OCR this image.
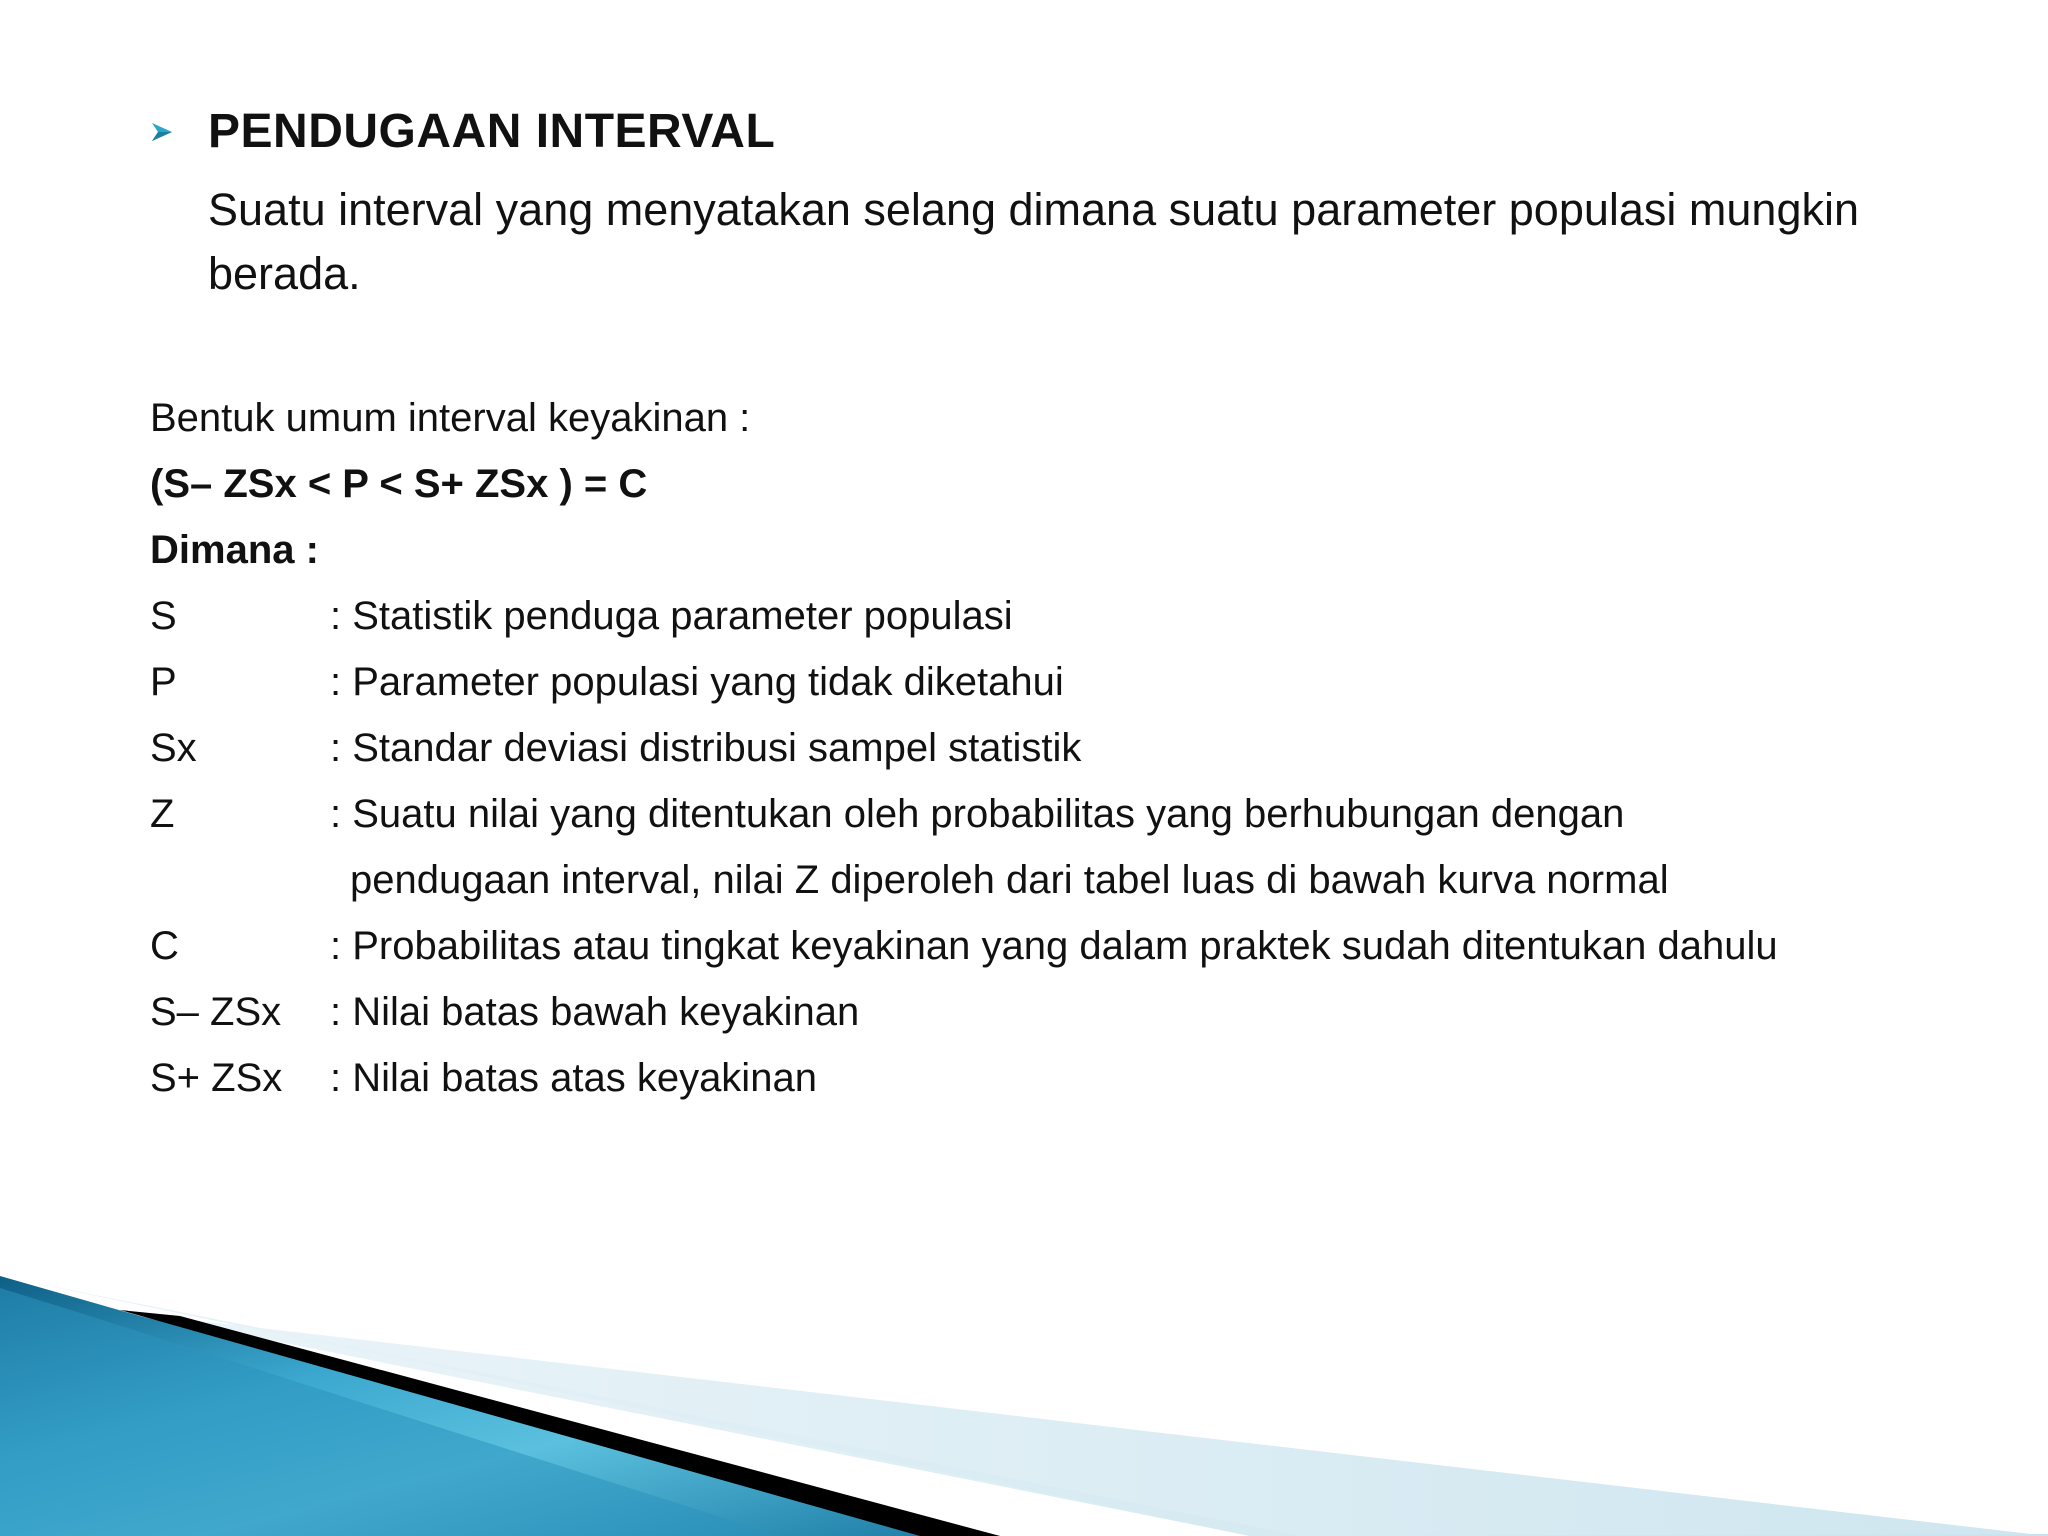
PENDUGAAN INTERVAL
Suatu interval yang menyatakan selang dimana suatu parameter populasi mungkin berada.
Bentuk umum interval keyakinan :
(S– ZSx < P < S+ ZSx ) = C
Dimana :
S	: Statistik penduga parameter populasi
P	: Parameter populasi yang tidak diketahui
Sx	: Standar deviasi distribusi sampel statistik
Z	: Suatu nilai yang ditentukan oleh probabilitas yang berhubungan dengan
pendugaan interval, nilai Z diperoleh dari tabel luas di bawah kurva normal
C	: Probabilitas atau tingkat keyakinan yang dalam praktek sudah ditentukan dahulu
S– ZSx	: Nilai batas bawah keyakinan
S+ ZSx	: Nilai batas atas keyakinan
